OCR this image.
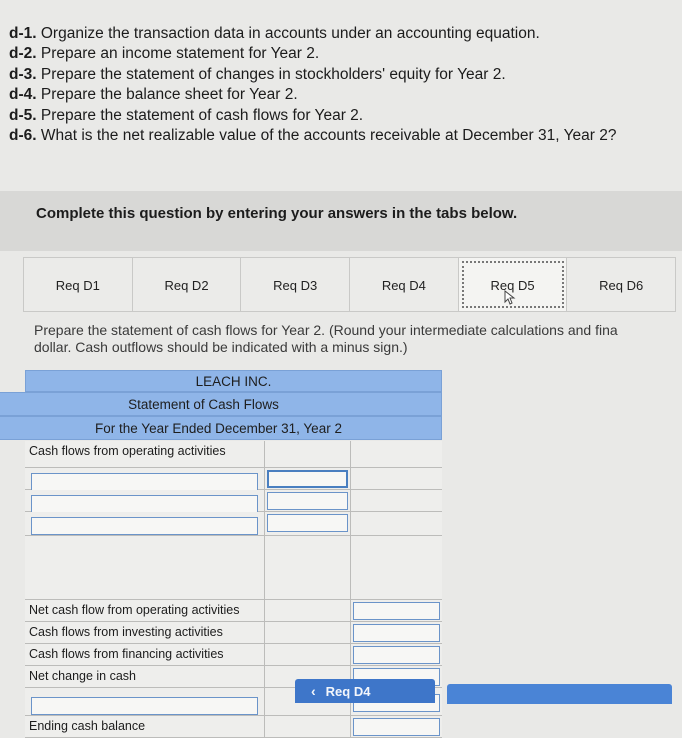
d-1. Organize the transaction data in accounts under an accounting equation.
d-2. Prepare an income statement for Year 2.
d-3. Prepare the statement of changes in stockholders' equity for Year 2.
d-4. Prepare the balance sheet for Year 2.
d-5. Prepare the statement of cash flows for Year 2.
d-6. What is the net realizable value of the accounts receivable at December 31, Year 2?
Complete this question by entering your answers in the tabs below.
Req D1	Req D2	Req D3	Req D4	Req D5	Req D6
Prepare the statement of cash flows for Year 2. (Round your intermediate calculations and fina
dollar. Cash outflows should be indicated with a minus sign.)
LEACH INC.
Statement of Cash Flows
For the Year Ended December 31, Year 2
Cash flows from operating activities
Net cash flow from operating activities
Cash flows from investing activities
Cash flows from financing activities
Net change in cash
Ending cash balance
‹ Req D4
